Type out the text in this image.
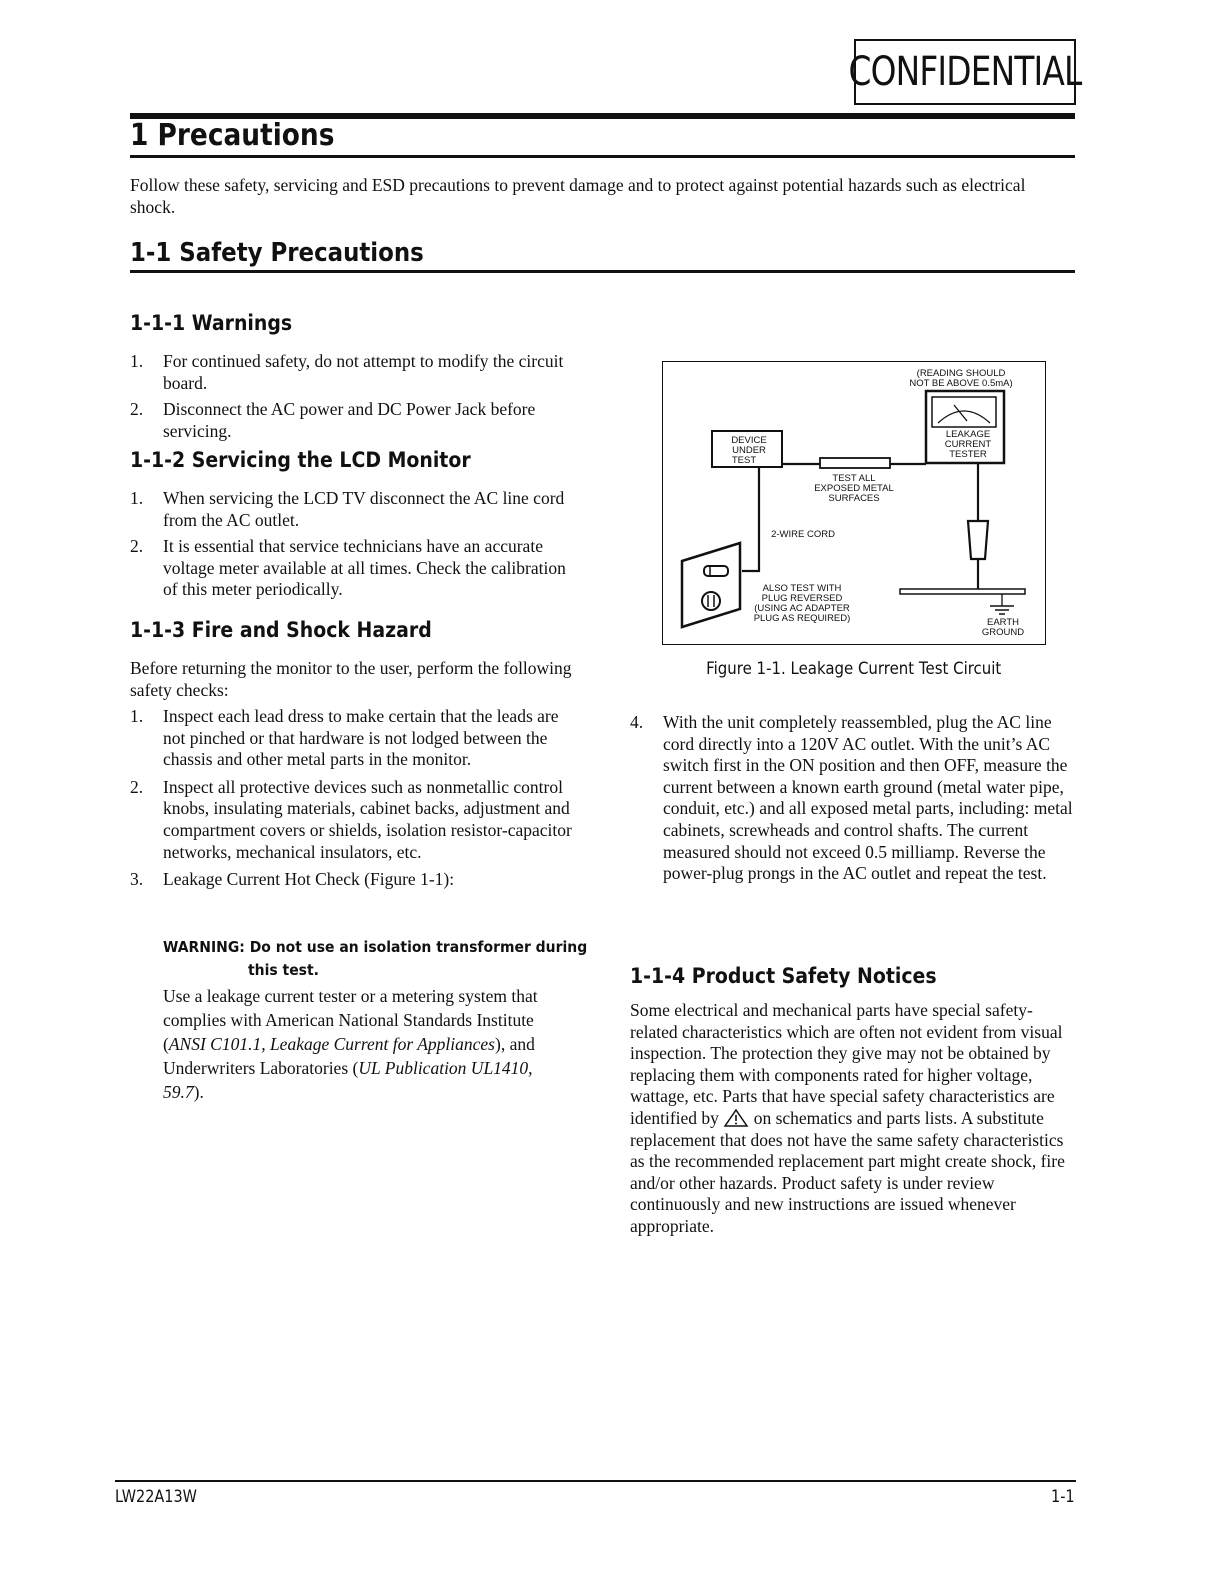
CONFIDENTIAL
1 Precautions
Follow these safety, servicing and ESD precautions to prevent damage and to protect against potential hazards such as electrical shock.
1-1 Safety Precautions
1-1-1 Warnings
1. For continued safety, do not attempt to modify the circuit board.
2. Disconnect the AC power and DC Power Jack before servicing.
1-1-2 Servicing the LCD Monitor
1. When servicing the LCD TV disconnect the AC line cord from the AC outlet.
2. It is essential that service technicians have an accurate voltage meter available at all times. Check the calibration of this meter periodically.
1-1-3 Fire and Shock Hazard
Before returning the monitor to the user, perform the following safety checks:
1. Inspect each lead dress to make certain that the leads are not pinched or that hardware is not lodged between the chassis and other metal parts in the monitor.
2. Inspect all protective devices such as nonmetallic control knobs, insulating materials, cabinet backs, adjustment and compartment covers or shields, isolation resistor-capacitor networks, mechanical insulators, etc.
3. Leakage Current Hot Check (Figure 1-1):
WARNING: Do not use an isolation transformer during
this test.
Use a leakage current tester or a metering system that complies with American National Standards Institute (ANSI C101.1, Leakage Current for Appliances), and Underwriters Laboratories (UL Publication UL1410, 59.7).
(READING SHOULD
NOT BE ABOVE 0.5mA)
LEAKAGE
CURRENT
TESTER
DEVICE
UNDER
TEST
TEST ALL
EXPOSED METAL
SURFACES
2-WIRE CORD
ALSO TEST WITH
PLUG REVERSED
(USING AC ADAPTER
PLUG AS REQUIRED)	EARTH
GROUND
Figure 1-1. Leakage Current Test Circuit
4. With the unit completely reassembled, plug the AC line cord directly into a 120V AC outlet. With the unit’s AC switch first in the ON position and then OFF, measure the current between a known earth ground (metal water pipe, conduit, etc.) and all exposed metal parts, including: metal cabinets, screwheads and control shafts. The current measured should not exceed 0.5 milliamp. Reverse the power-plug prongs in the AC outlet and repeat the test.
1-1-4 Product Safety Notices
Some electrical and mechanical parts have special safety-related characteristics which are often not evident from visual inspection. The protection they give may not be obtained by replacing them with components rated for higher voltage, wattage, etc. Parts that have special safety characteristics are identified by on schematics and parts lists. A substitute replacement that does not have the same safety characteristics as the recommended replacement part might create shock, fire and/or other hazards. Product safety is under review continuously and new instructions are issued whenever appropriate.
LW22A13W	1-1
